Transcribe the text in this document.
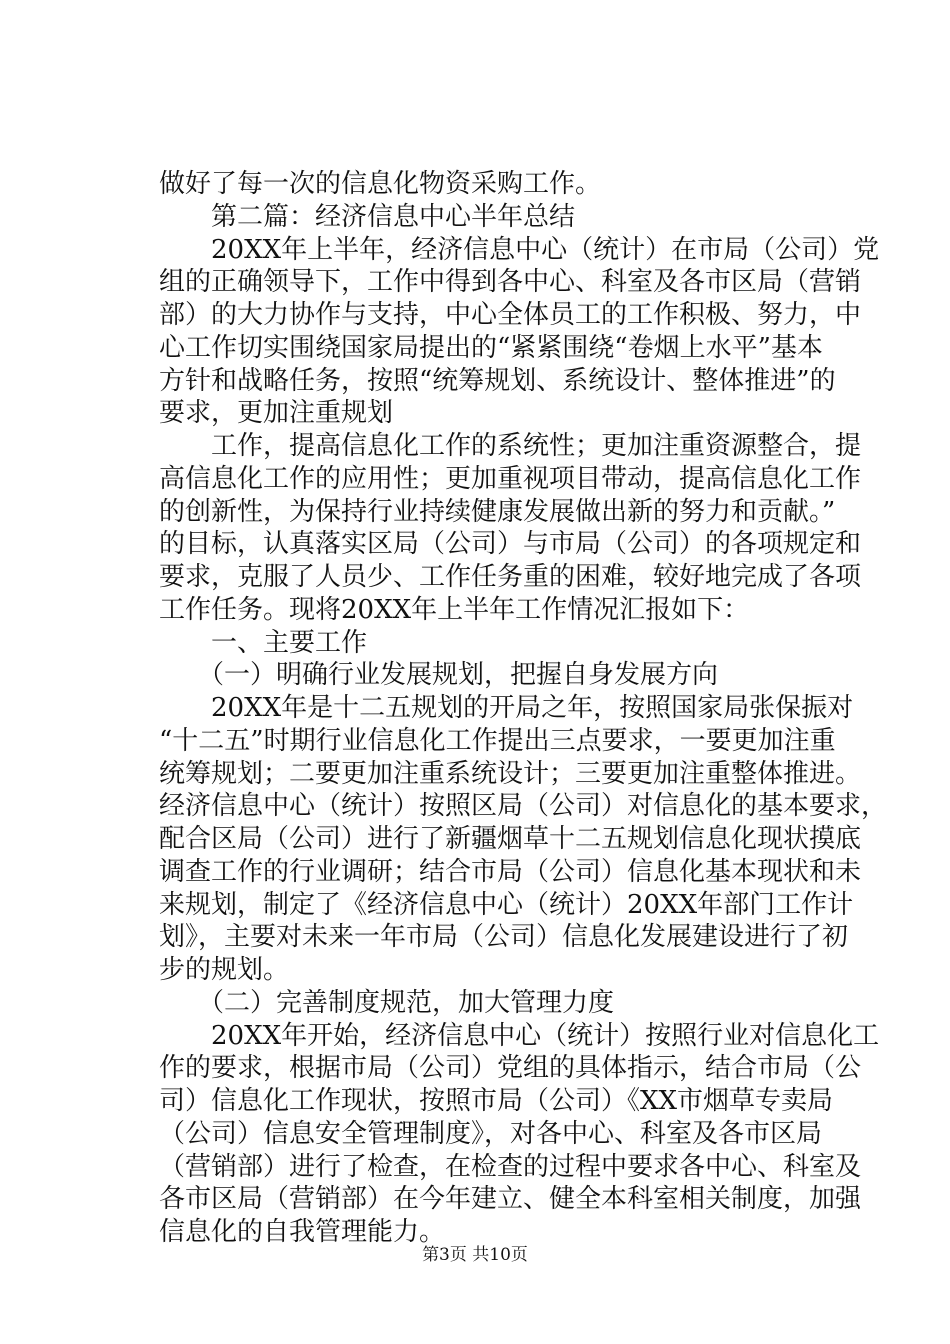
做好了每一次的信息化物资采购工作。
　　第二篇：经济信息中心半年总结
　　20XX年上半年，经济信息中心（统计）在市局（公司）党
组的正确领导下，工作中得到各中心、科室及各市区局（营销
部）的大力协作与支持，中心全体员工的工作积极、努力，中
心工作切实围绕国家局提出的“紧紧围绕“卷烟上水平”基本
方针和战略任务，按照“统筹规划、系统设计、整体推进”的
要求，更加注重规划
　　工作，提高信息化工作的系统性；更加注重资源整合，提
高信息化工作的应用性；更加重视项目带动，提高信息化工作
的创新性，为保持行业持续健康发展做出新的努力和贡献。”
的目标，认真落实区局（公司）与市局（公司）的各项规定和
要求，克服了人员少、工作任务重的困难，较好地完成了各项
工作任务。现将20XX年上半年工作情况汇报如下：
　　一、主要工作
　　（一）明确行业发展规划，把握自身发展方向
　　20XX年是十二五规划的开局之年，按照国家局张保振对
“十二五”时期行业信息化工作提出三点要求，一要更加注重
统筹规划；二要更加注重系统设计；三要更加注重整体推进。
经济信息中心（统计）按照区局（公司）对信息化的基本要求，
配合区局（公司）进行了新疆烟草十二五规划信息化现状摸底
调查工作的行业调研；结合市局（公司）信息化基本现状和未
来规划，制定了《经济信息中心（统计）20XX年部门工作计
划》，主要对未来一年市局（公司）信息化发展建设进行了初
步的规划。
　　（二）完善制度规范，加大管理力度
　　20XX年开始，经济信息中心（统计）按照行业对信息化工
作的要求，根据市局（公司）党组的具体指示，结合市局（公
司）信息化工作现状，按照市局（公司）《XX市烟草专卖局
（公司）信息安全管理制度》，对各中心、科室及各市区局
第3页 共10页
（营销部）进行了检查，在检查的过程中要求各中心、科室及
各市区局（营销部）在今年建立、健全本科室相关制度，加强
信息化的自我管理能力。
